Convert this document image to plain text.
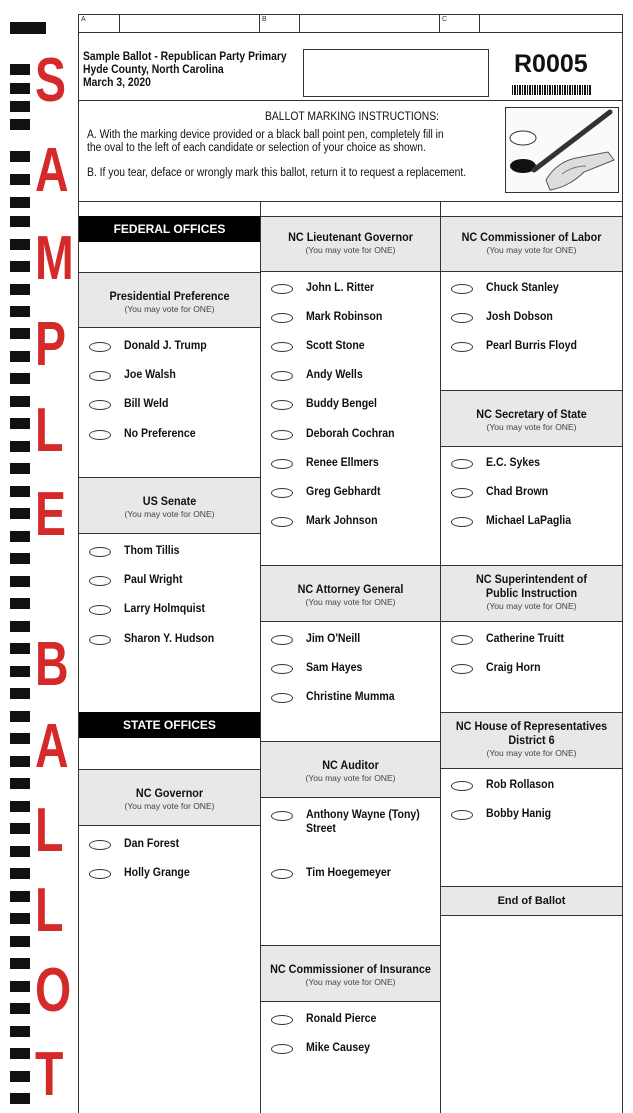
S
A
M
P
L
E
B
A
L
L
O
T
A	B	C
Sample Ballot - Republican Party Primary
Hyde County, North Carolina
March 3, 2020
R0005
BALLOT MARKING INSTRUCTIONS:
A. With the marking device provided or a black ball point pen, completely fill in the oval to the left of each candidate or selection of your choice as shown.
B. If you tear, deface or wrongly mark this ballot, return it to request a replacement.
FEDERAL OFFICES
Presidential Preference
(You may vote for ONE)
Donald J. Trump
Joe Walsh
Bill Weld
No Preference
US Senate
(You may vote for ONE)
Thom Tillis
Paul Wright
Larry Holmquist
Sharon Y. Hudson
STATE OFFICES
NC Governor
(You may vote for ONE)
Dan Forest
Holly Grange
NC Lieutenant Governor
(You may vote for ONE)
John L. Ritter
Mark Robinson
Scott Stone
Andy Wells
Buddy Bengel
Deborah Cochran
Renee Ellmers
Greg Gebhardt
Mark Johnson
NC Attorney General
(You may vote for ONE)
Jim O'Neill
Sam Hayes
Christine Mumma
NC Auditor
(You may vote for ONE)
Anthony Wayne (Tony) Street
Tim Hoegemeyer
NC Commissioner of Insurance
(You may vote for ONE)
Ronald Pierce
Mike Causey
NC Commissioner of Labor
(You may vote for ONE)
Chuck Stanley
Josh Dobson
Pearl Burris Floyd
NC Secretary of State
(You may vote for ONE)
E.C. Sykes
Chad Brown
Michael LaPaglia
NC Superintendent of
Public Instruction
(You may vote for ONE)
Catherine Truitt
Craig Horn
NC House of Representatives
District 6
(You may vote for ONE)
Rob Rollason
Bobby Hanig
End of Ballot
